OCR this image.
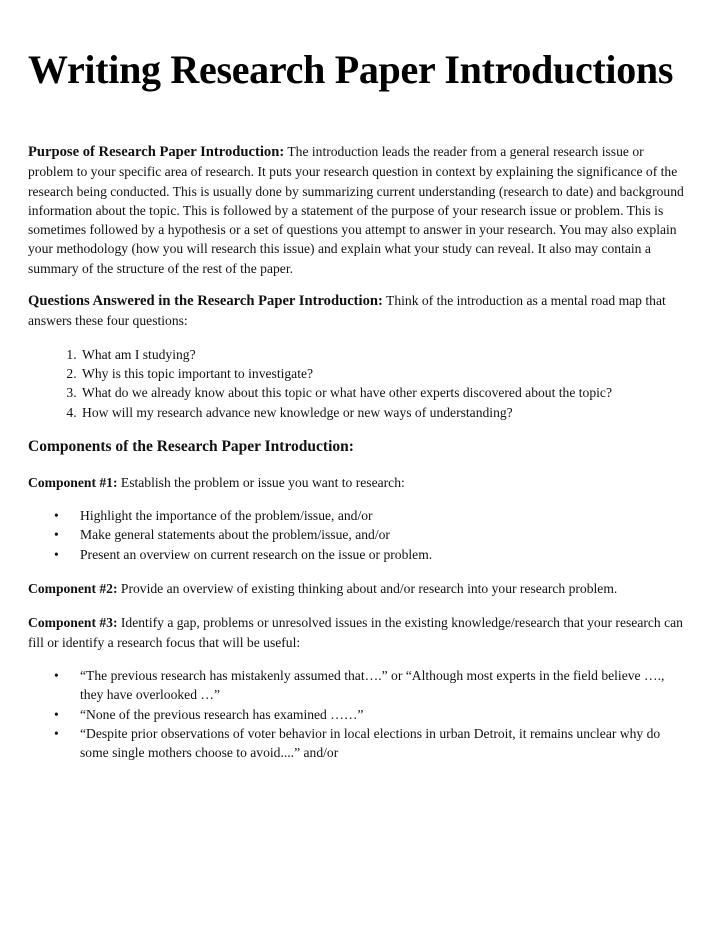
Writing Research Paper Introductions

Purpose of Research Paper Introduction: The introduction leads the reader from a general research issue or problem to your specific area of research. It puts your research question in context by explaining the significance of the research being conducted. This is usually done by summarizing current understanding (research to date) and background information about the topic. This is followed by a statement of the purpose of your research issue or problem. This is sometimes followed by a hypothesis or a set of questions you attempt to answer in your research. You may also explain your methodology (how you will research this issue) and explain what your study can reveal. It also may contain a summary of the structure of the rest of the paper.

Questions Answered in the Research Paper Introduction: Think of the introduction as a mental road map that answers these four questions:

1. What am I studying?
2. Why is this topic important to investigate?
3. What do we already know about this topic or what have other experts discovered about the topic?
4. How will my research advance new knowledge or new ways of understanding?
Components of the Research Paper Introduction:

Component #1: Establish the problem or issue you want to research:

• Highlight the importance of the problem/issue, and/or
• Make general statements about the problem/issue, and/or
• Present an overview on current research on the issue or problem.

Component #2: Provide an overview of existing thinking about and/or research into your research problem.

Component #3: Identify a gap, problems or unresolved issues in the existing knowledge/research that your research can fill or identify a research focus that will be useful:

• “The previous research has mistakenly assumed that….” or “Although most experts in the field believe …., they have overlooked …”
• “None of the previous research has examined ……”
• “Despite prior observations of voter behavior in local elections in urban Detroit, it remains unclear why do some single mothers choose to avoid....” and/or
